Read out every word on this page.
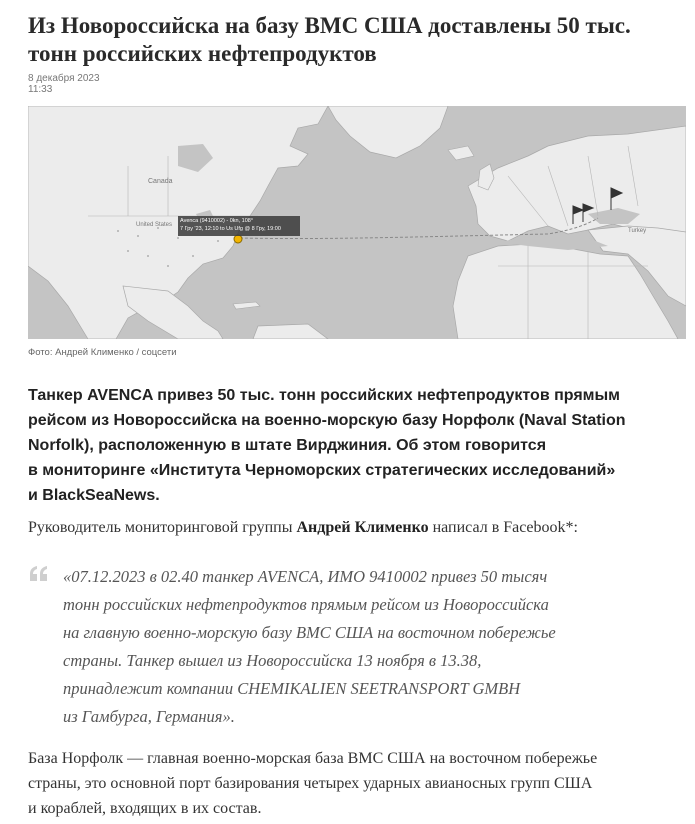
Из Новороссийска на базу ВМС США доставлены 50 тыс. тонн российских нефтепродуктов
8 декабря 2023
11:33
Avenca (9410002) - 0kn, 108°
7 Гру '23, 12:10 to Us Ufg @ 8 Гру, 19:00
Canada
United States
Turkey
Фото: Андрей Клименко / соцсети
Танкер AVENCA привез 50 тыс. тонн российских нефтепродуктов прямым
рейсом из Новороссийска на военно-морскую базу Норфолк (Naval Station
Norfolk), расположенную в штате Вирджиния. Об этом говорится
в мониторинге «Института Черноморских стратегических исследований»
и BlackSeaNews.
Руководитель мониторинговой группы Андрей Клименко написал в Facebook*:
«07.12.2023 в 02.40 танкер AVENCA, ИМО 9410002 привез 50 тысяч
тонн российских нефтепродуктов прямым рейсом из Новороссийска
на главную военно-морскую базу ВМС США на восточном побережье
страны. Танкер вышел из Новороссийска 13 ноября в 13.38,
принадлежит компании CHEMIKALIEN SEETRANSPORT GMBH
из Гамбурга, Германия».
База Норфолк — главная военно-морская база ВМС США на восточном побережье
страны, это основной порт базирования четырех ударных авианосных групп США
и кораблей, входящих в их состав.
